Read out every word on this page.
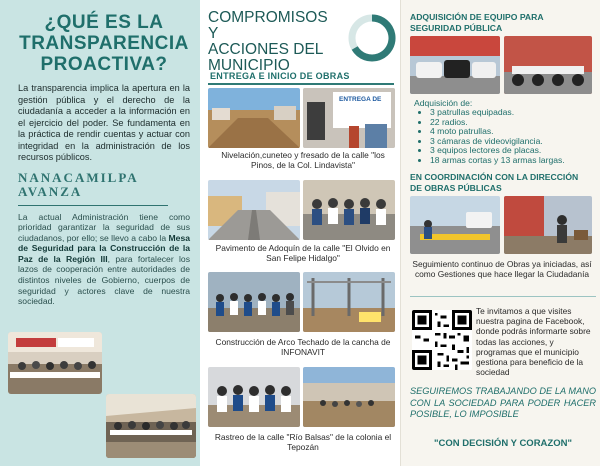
¿QUÉ ES LA
TRANSPARENCIA
PROACTIVA?

La transparencia implica la apertura en la gestión pública y el derecho de la ciudadanía a acceder a la información en el ejercicio del poder. Se fundamenta en la práctica de rendir cuentas y actuar con integridad en la administración de los recursos públicos.

NANACAMILPA

AVANZA

La actual Administración tiene como prioridad garantizar la seguridad de sus ciudadanos, por ello; se llevo a cabo la Mesa de Seguridad para la Construcción de la Paz de la Región III, para fortalecer los lazos de cooperación entre autoridades de distintos niveles de Gobierno, cuerpos de seguridad y actores clave de nuestra sociedad.

COMPROMISOS Y
ACCIONES DEL
MUNICIPIO
ENTREGA E INICIO DE OBRAS
ENTREGA DE
Nivelación,cuneteo y fresado de la calle "los Pinos, de la Col. Lindavista"
Pavimento de Adoquín de la calle "El Olvido en San Felipe Hidalgo"
Construcción de Arco Techado de la cancha de INFONAVIT
Rastreo de la calle "Río Balsas" de la colonia el Tepozán
ADQUISICIÓN DE EQUIPO PARA
SEGURIDAD PÚBLICA
Adquisición de:
• 3 patrullas equipadas.
• 22 radios.
• 4 moto patrullas.
• 3 cámaras de videovigilancia.
• 3 equipos lectores de placas.
• 18 armas cortas y 13 armas largas.
EN COORDINACIÓN CON LA DIRECCIÓN
DE OBRAS PÚBLICAS
Seguimiento continuo de Obras ya iniciadas, así como Gestiones que hace llegar la Ciudadanía
Te invitamos a que visites nuestra pagina de Facebook, donde podrás informarte sobre todas las acciones, y programas que el municipio gestiona para beneficio de la sociedad
SEGUIREMOS TRABAJANDO DE LA MANO CON LA SOCIEDAD PARA PODER HACER POSIBLE, LO IMPOSIBLE
"CON DECISIÓN Y CORAZON"
